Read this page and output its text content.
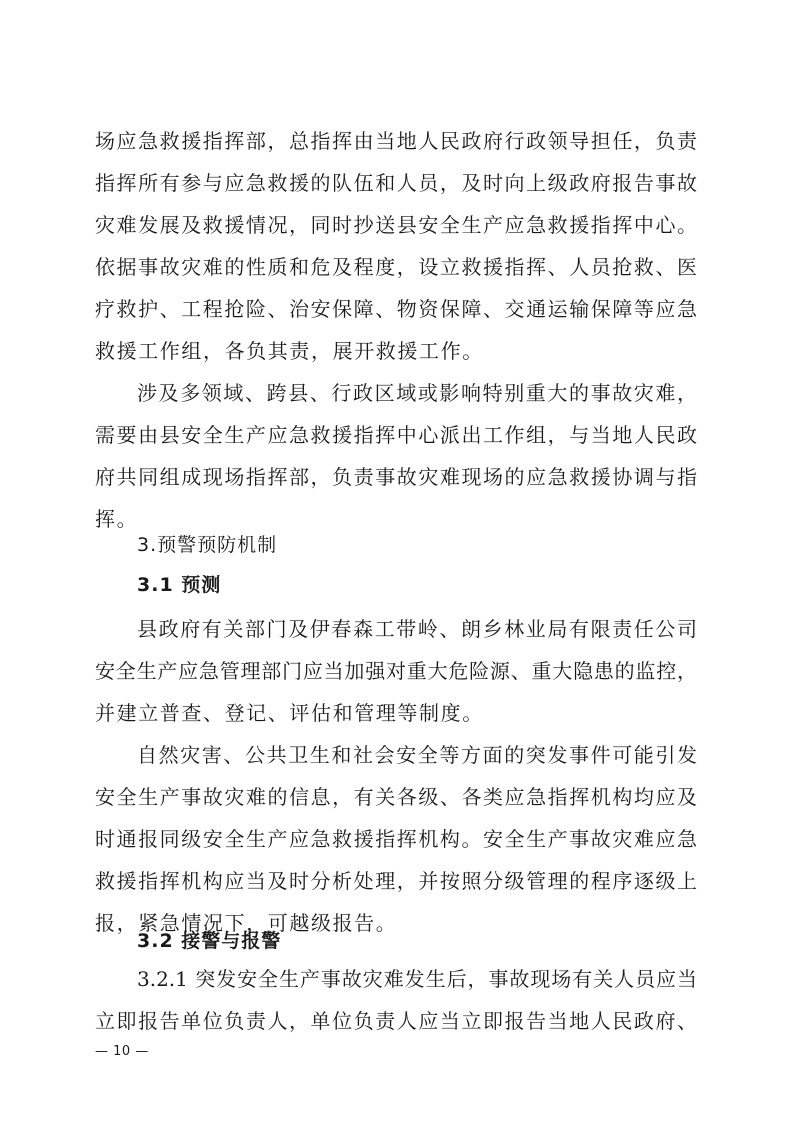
场应急救援指挥部，总指挥由当地人民政府行政领导担任，负责
指挥所有参与应急救援的队伍和人员，及时向上级政府报告事故
灾难发展及救援情况，同时抄送县安全生产应急救援指挥中心。
依据事故灾难的性质和危及程度，设立救援指挥、人员抢救、医
疗救护、工程抢险、治安保障、物资保障、交通运输保障等应急
救援工作组，各负其责，展开救援工作。
涉及多领域、跨县、行政区域或影响特别重大的事故灾难，
需要由县安全生产应急救援指挥中心派出工作组，与当地人民政
府共同组成现场指挥部，负责事故灾难现场的应急救援协调与指
挥。
3.预警预防机制
3.1 预测
县政府有关部门及伊春森工带岭、朗乡林业局有限责任公司
安全生产应急管理部门应当加强对重大危险源、重大隐患的监控，
并建立普查、登记、评估和管理等制度。
自然灾害、公共卫生和社会安全等方面的突发事件可能引发
安全生产事故灾难的信息，有关各级、各类应急指挥机构均应及
时通报同级安全生产应急救援指挥机构。安全生产事故灾难应急
救援指挥机构应当及时分析处理，并按照分级管理的程序逐级上
报，紧急情况下，可越级报告。
3.2 接警与报警
3.2.1 突发安全生产事故灾难发生后，事故现场有关人员应当
立即报告单位负责人，单位负责人应当立即报告当地人民政府、
— 10 —
